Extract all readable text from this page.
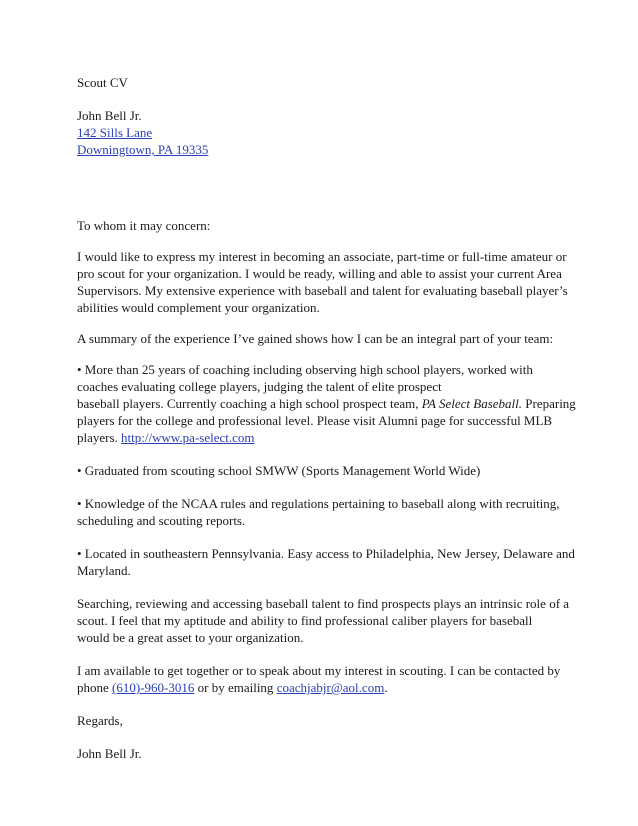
Scout CV
John Bell Jr.
142 Sills Lane
Downingtown, PA 19335
To whom it may concern:
I would like to express my interest in becoming an associate, part-time or full-time amateur or
pro scout for your organization. I would be ready, willing and able to assist your current Area
Supervisors. My extensive experience with baseball and talent for evaluating baseball player’s
abilities would complement your organization.
A summary of the experience I’ve gained shows how I can be an integral part of your team:
• More than 25 years of coaching including observing high school players, worked with
coaches evaluating college players, judging the talent of elite prospect
baseball players. Currently coaching a high school prospect team, PA Select Baseball. Preparing
players for the college and professional level. Please visit Alumni page for successful MLB
players. http://www.pa-select.com
• Graduated from scouting school SMWW (Sports Management World Wide)
• Knowledge of the NCAA rules and regulations pertaining to baseball along with recruiting,
scheduling and scouting reports.
• Located in southeastern Pennsylvania. Easy access to Philadelphia, New Jersey, Delaware and
Maryland.
Searching, reviewing and accessing baseball talent to find prospects plays an intrinsic role of a
scout. I feel that my aptitude and ability to find professional caliber players for baseball
would be a great asset to your organization.
I am available to get together or to speak about my interest in scouting. I can be contacted by
phone (610)-960-3016 or by emailing coachjabjr@aol.com.
Regards,
John Bell Jr.
